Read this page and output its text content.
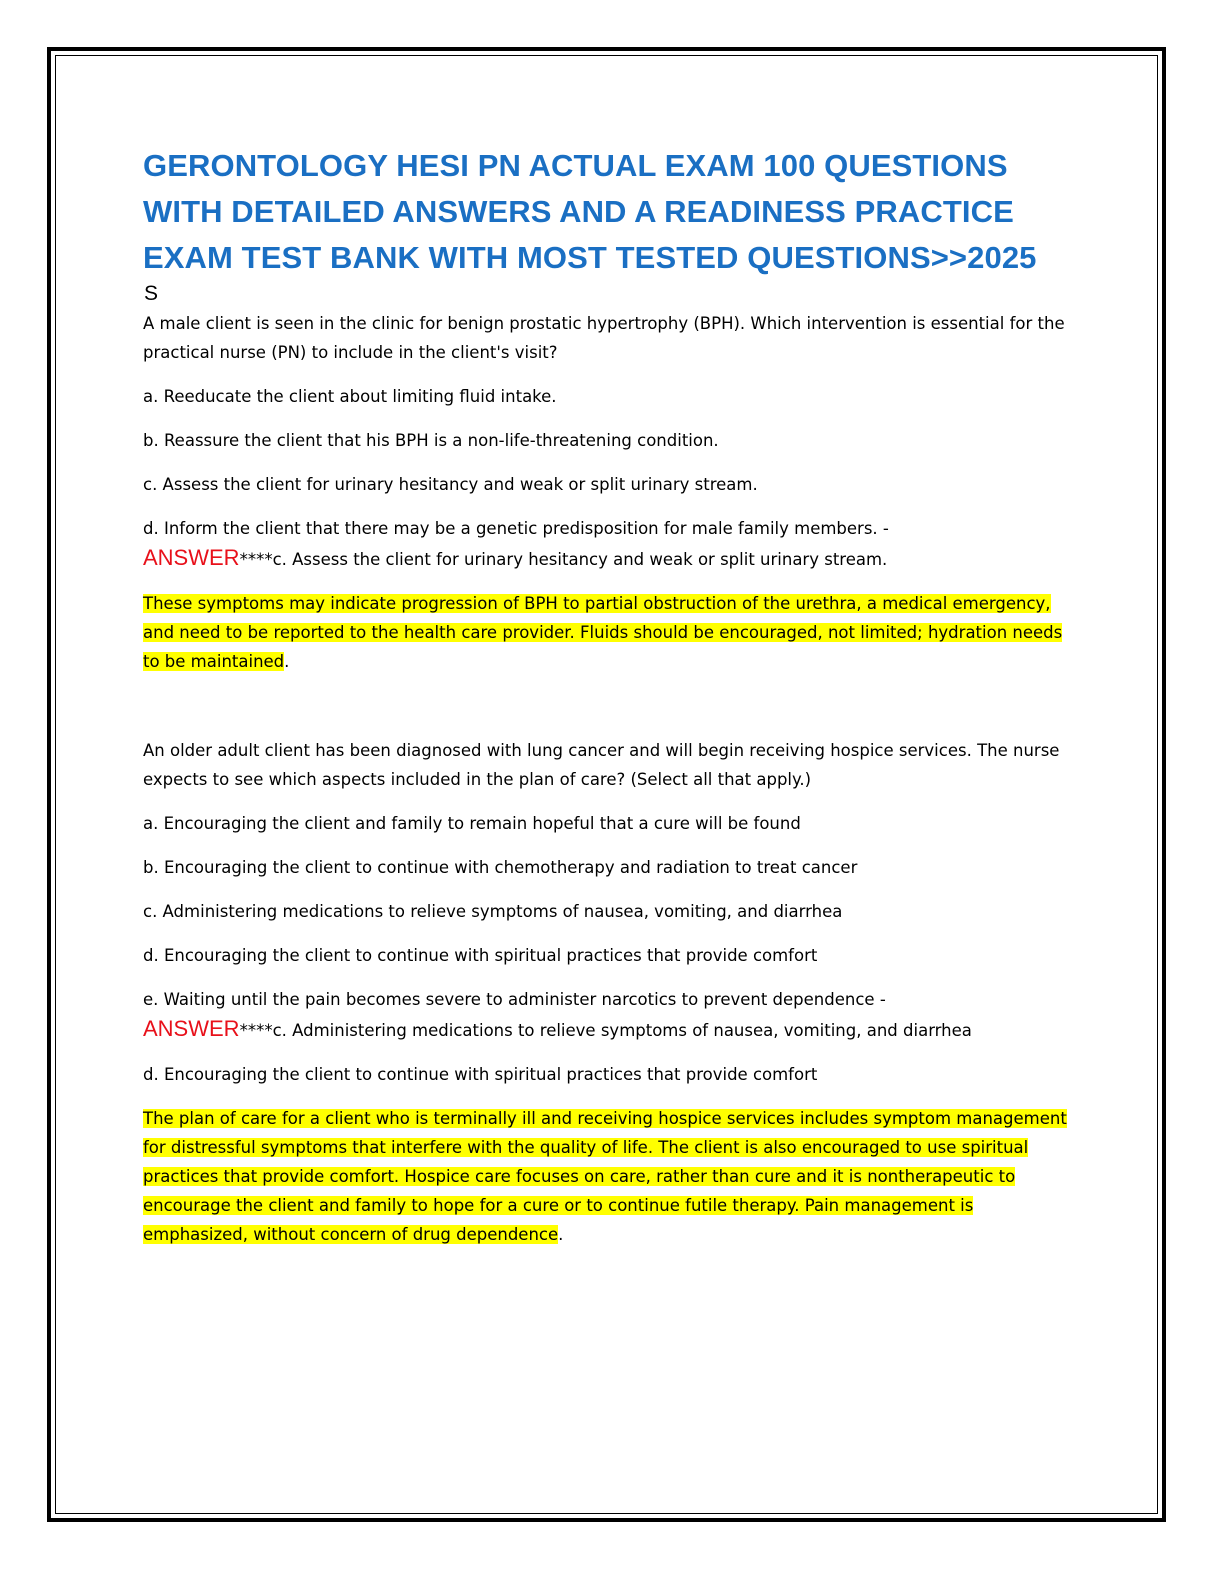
GERONTOLOGY HESI PN ACTUAL EXAM 100 QUESTIONS WITH DETAILED ANSWERS AND A READINESS PRACTICE EXAM TEST BANK WITH MOST TESTED QUESTIONS>>2025
S

A male client is seen in the clinic for benign prostatic hypertrophy (BPH). Which intervention is essential for the practical nurse (PN) to include in the client's visit?

a. Reeducate the client about limiting fluid intake.

b. Reassure the client that his BPH is a non-life-threatening condition.

c. Assess the client for urinary hesitancy and weak or split urinary stream.

d. Inform the client that there may be a genetic predisposition for male family members. -

ANSWER****c. Assess the client for urinary hesitancy and weak or split urinary stream.

These symptoms may indicate progression of BPH to partial obstruction of the urethra, a medical emergency, and need to be reported to the health care provider. Fluids should be encouraged, not limited; hydration needs to be maintained.

An older adult client has been diagnosed with lung cancer and will begin receiving hospice services. The nurse expects to see which aspects included in the plan of care? (Select all that apply.)

a. Encouraging the client and family to remain hopeful that a cure will be found

b. Encouraging the client to continue with chemotherapy and radiation to treat cancer

c. Administering medications to relieve symptoms of nausea, vomiting, and diarrhea

d. Encouraging the client to continue with spiritual practices that provide comfort

e. Waiting until the pain becomes severe to administer narcotics to prevent dependence -

ANSWER****c. Administering medications to relieve symptoms of nausea, vomiting, and diarrhea

d. Encouraging the client to continue with spiritual practices that provide comfort

The plan of care for a client who is terminally ill and receiving hospice services includes symptom management for distressful symptoms that interfere with the quality of life. The client is also encouraged to use spiritual practices that provide comfort. Hospice care focuses on care, rather than cure and it is nontherapeutic to encourage the client and family to hope for a cure or to continue futile therapy. Pain management is emphasized, without concern of drug dependence.
